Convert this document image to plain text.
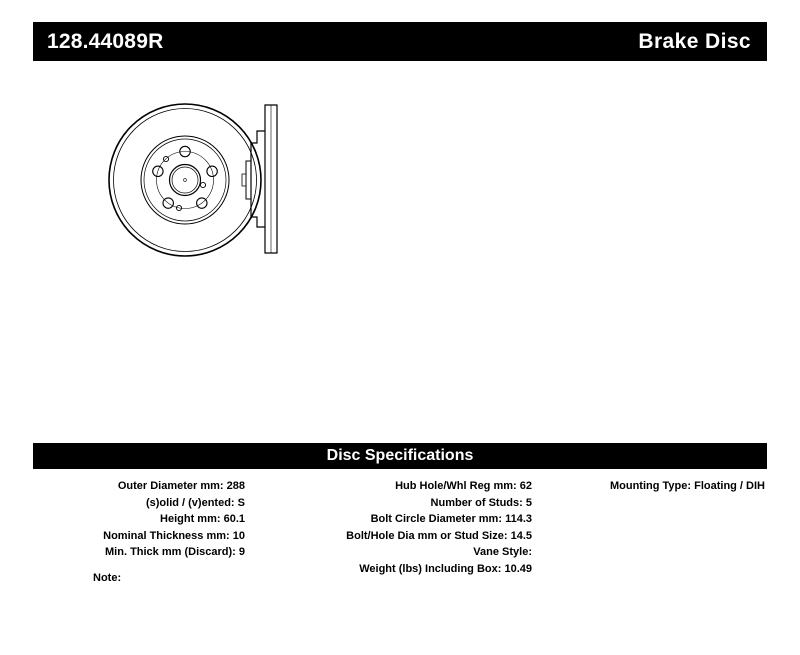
128.44089R	Brake Disc
Disc Specifications
Outer Diameter mm: 288
(s)olid / (v)ented: S
Height mm: 60.1
Nominal Thickness mm: 10
Min. Thick mm (Discard): 9
Hub Hole/Whl Reg mm: 62
Number of Studs: 5
Bolt Circle Diameter mm: 114.3
Bolt/Hole Dia mm or Stud Size: 14.5
Vane Style:
Weight (lbs) Including Box: 10.49
Mounting Type: Floating / DIH
Note:
